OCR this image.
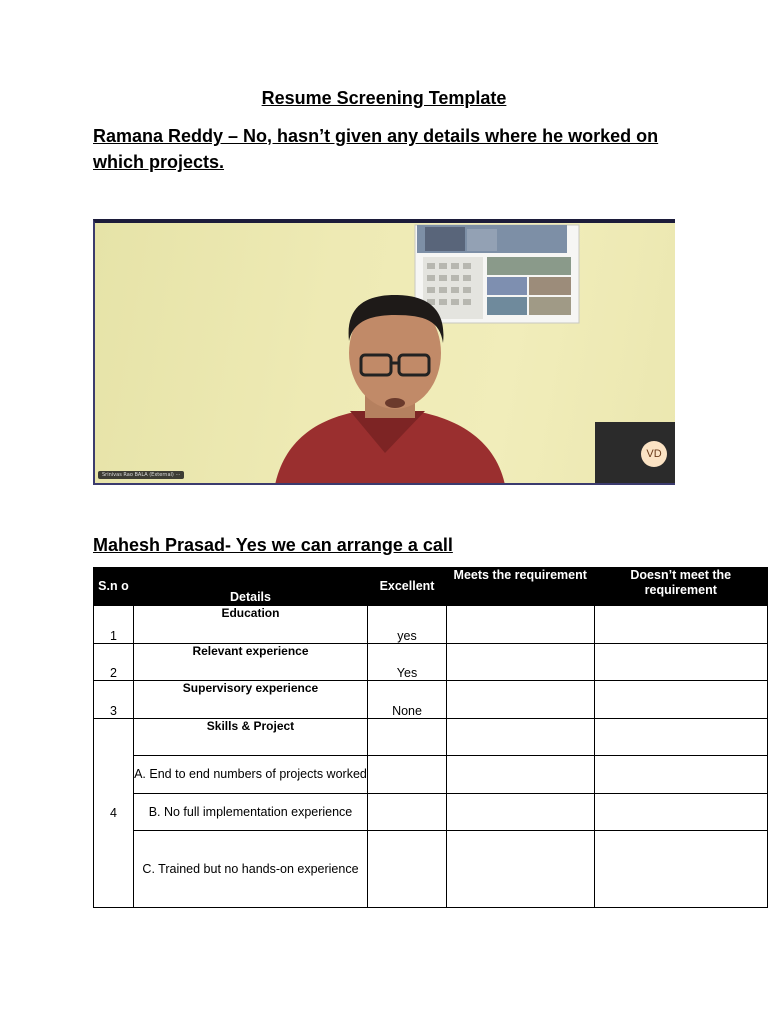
Resume Screening Template
Ramana Reddy – No, hasn’t given any details where he worked on which projects.
Srinivas Rao BALA (External) ···
VD
Mahesh Prasad- Yes we can arrange a call
S.n o	Details	Excellent	Meets the requirement	Doesn’t meet the requirement
1	Education	yes		
2	Relevant experience	Yes		
3	Supervisory experience	None		
4	Skills & Project			
	A. End to end numbers of projects worked			
	B. No full implementation experience			
	C. Trained but no hands-on experience			
